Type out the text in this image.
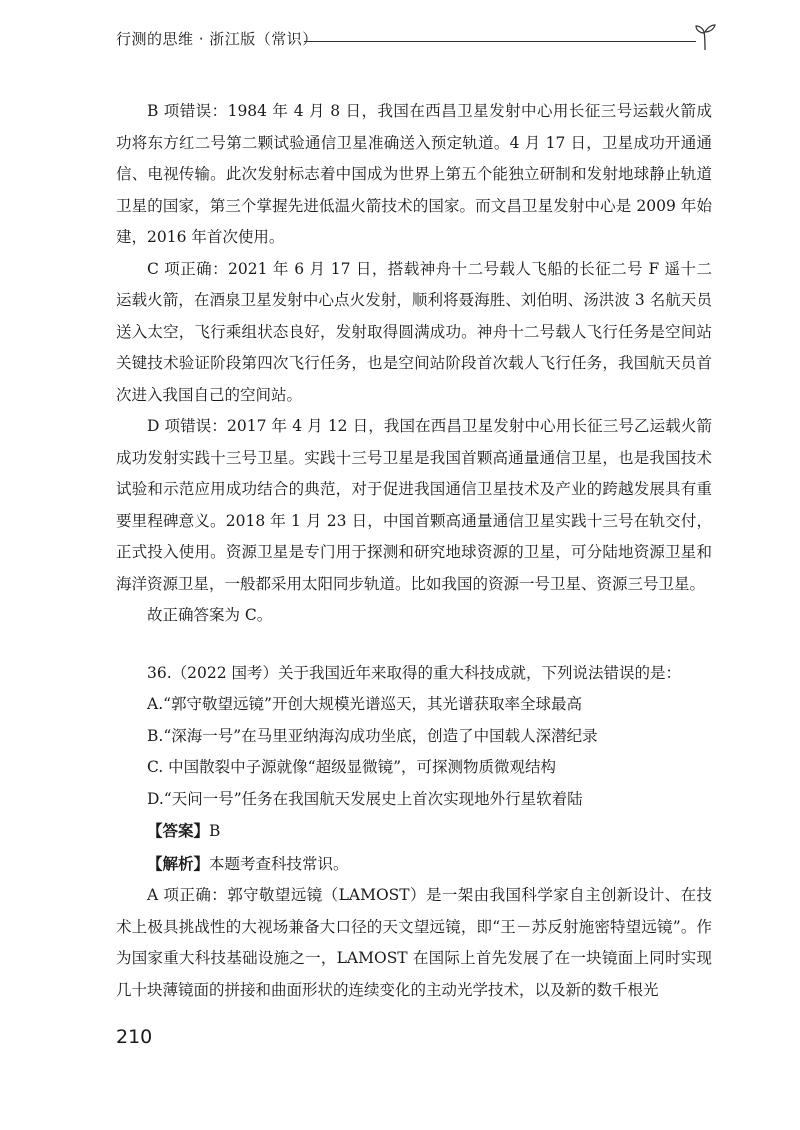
行测的思维 · 浙江版（常识）

B 项错误：1984 年 4 月 8 日，我国在西昌卫星发射中心用长征三号运载火箭成功将东方红二号第二颗试验通信卫星准确送入预定轨道。4 月 17 日，卫星成功开通通信、电视传输。此次发射标志着中国成为世界上第五个能独立研制和发射地球静止轨道卫星的国家，第三个掌握先进低温火箭技术的国家。而文昌卫星发射中心是 2009 年始建，2016 年首次使用。

C 项正确：2021 年 6 月 17 日，搭载神舟十二号载人飞船的长征二号 F 遥十二运载火箭，在酒泉卫星发射中心点火发射，顺利将聂海胜、刘伯明、汤洪波 3 名航天员送入太空，飞行乘组状态良好，发射取得圆满成功。神舟十二号载人飞行任务是空间站关键技术验证阶段第四次飞行任务，也是空间站阶段首次载人飞行任务，我国航天员首次进入我国自己的空间站。

D 项错误：2017 年 4 月 12 日，我国在西昌卫星发射中心用长征三号乙运载火箭成功发射实践十三号卫星。实践十三号卫星是我国首颗高通量通信卫星，也是我国技术试验和示范应用成功结合的典范，对于促进我国通信卫星技术及产业的跨越发展具有重要里程碑意义。2018 年 1 月 23 日，中国首颗高通量通信卫星实践十三号在轨交付，正式投入使用。资源卫星是专门用于探测和研究地球资源的卫星，可分陆地资源卫星和海洋资源卫星，一般都采用太阳同步轨道。比如我国的资源一号卫星、资源三号卫星。

故正确答案为 C。

36.（2022 国考）关于我国近年来取得的重大科技成就，下列说法错误的是：

A.“郭守敬望远镜”开创大规模光谱巡天，其光谱获取率全球最高

B.“深海一号”在马里亚纳海沟成功坐底，创造了中国载人深潜纪录

C. 中国散裂中子源就像“超级显微镜”，可探测物质微观结构

D.“天问一号”任务在我国航天发展史上首次实现地外行星软着陆

【答案】B

【解析】本题考查科技常识。

A 项正确：郭守敬望远镜（LAMOST）是一架由我国科学家自主创新设计、在技术上极具挑战性的大视场兼备大口径的天文望远镜，即“王－苏反射施密特望远镜”。作为国家重大科技基础设施之一，LAMOST 在国际上首先发展了在一块镜面上同时实现几十块薄镜面的拼接和曲面形状的连续变化的主动光学技术，以及新的数千根光

210
